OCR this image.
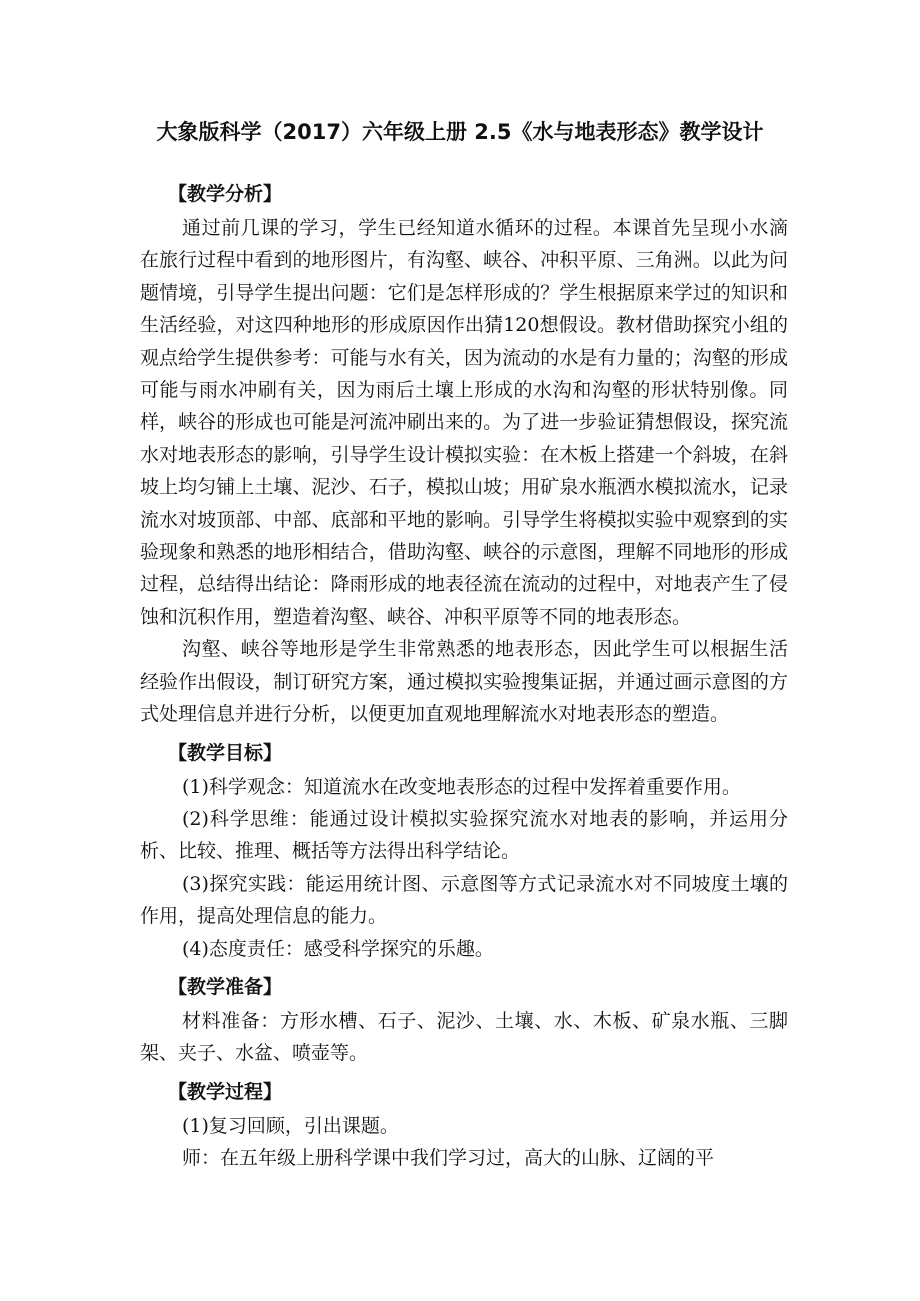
大象版科学（2017）六年级上册 2.5《水与地表形态》教学设计
【教学分析】

通过前几课的学习，学生已经知道水循环的过程。本课首先呈现小水滴在旅行过程中看到的地形图片，有沟壑、峡谷、冲积平原、三角洲。以此为问题情境，引导学生提出问题：它们是怎样形成的？学生根据原来学过的知识和生活经验，对这四种地形的形成原因作出猜120想假设。教材借助探究小组的观点给学生提供参考：可能与水有关，因为流动的水是有力量的；沟壑的形成可能与雨水冲刷有关，因为雨后土壤上形成的水沟和沟壑的形状特别像。同样，峡谷的形成也可能是河流冲刷出来的。为了进一步验证猜想假设，探究流水对地表形态的影响，引导学生设计模拟实验：在木板上搭建一个斜坡，在斜坡上均匀铺上土壤、泥沙、石子，模拟山坡；用矿泉水瓶洒水模拟流水，记录流水对坡顶部、中部、底部和平地的影响。引导学生将模拟实验中观察到的实验现象和熟悉的地形相结合，借助沟壑、峡谷的示意图，理解不同地形的形成过程，总结得出结论：降雨形成的地表径流在流动的过程中，对地表产生了侵蚀和沉积作用，塑造着沟壑、峡谷、冲积平原等不同的地表形态。

沟壑、峡谷等地形是学生非常熟悉的地表形态，因此学生可以根据生活经验作出假设，制订研究方案，通过模拟实验搜集证据，并通过画示意图的方式处理信息并进行分析，以便更加直观地理解流水对地表形态的塑造。

【教学目标】

(1)科学观念：知道流水在改变地表形态的过程中发挥着重要作用。

(2)科学思维：能通过设计模拟实验探究流水对地表的影响，并运用分析、比较、推理、概括等方法得出科学结论。

(3)探究实践：能运用统计图、示意图等方式记录流水对不同坡度土壤的作用，提高处理信息的能力。

(4)态度责任：感受科学探究的乐趣。

【教学准备】

材料准备：方形水槽、石子、泥沙、土壤、水、木板、矿泉水瓶、三脚架、夹子、水盆、喷壶等。

【教学过程】

(1)复习回顾，引出课题。

师：在五年级上册科学课中我们学习过，高大的山脉、辽阔的平
